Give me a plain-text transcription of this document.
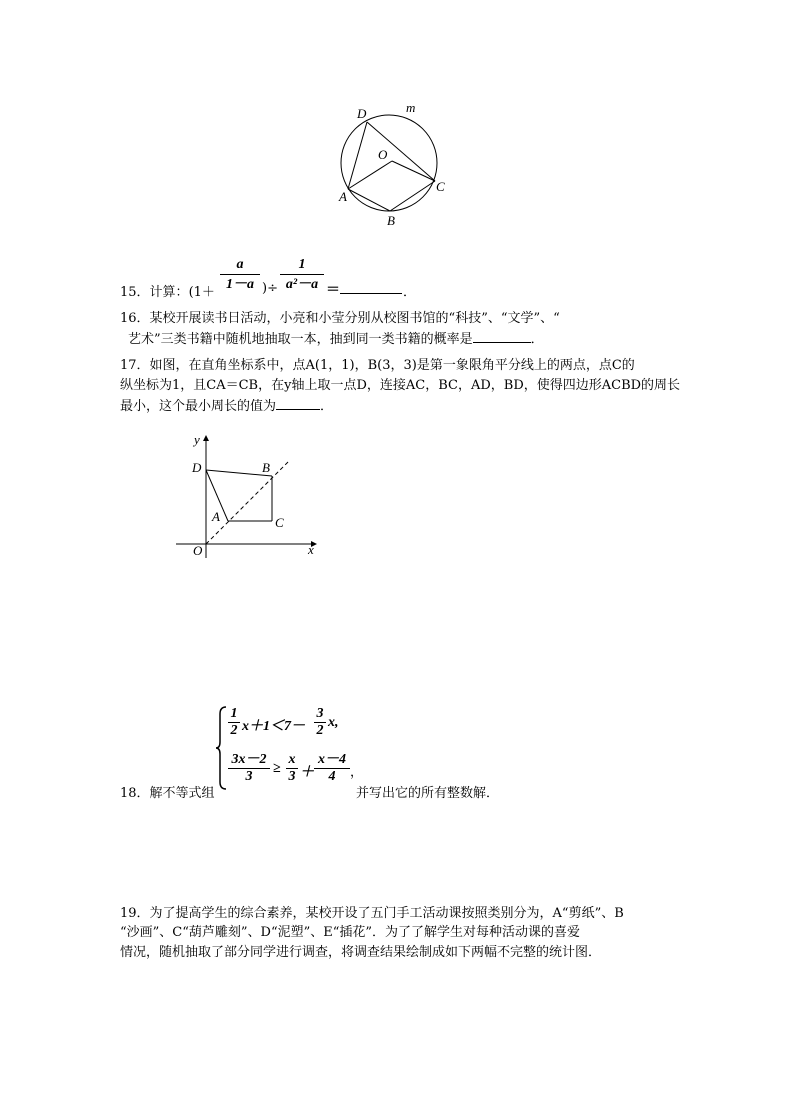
D	m
O
A
B
C
15．计算：(1＋
a
1－a )÷
1
a²－a ＝	．
16．某校开展读书日活动，小亮和小莹分别从校图书馆的“科技”、“文学”、“
艺术”三类书籍中随机地抽取一本，抽到同一类书籍的概率是	．
17．如图，在直角坐标系中，点A(1，1)，B(3，3)是第一象限角平分线上的两点，点C的
纵坐标为1，且CA＝CB，在y轴上取一点D，连接AC，BC，AD，BD，使得四边形ACBD的周长
最小，这个最小周长的值为	．
y
x
D	B
A	C
O
18．解不等式组
1
2 x＋1＜7－
3
2
x,
3x－2
3
≥
x
3 ＋
x－4
4	，
并写出它的所有整数解．
19．为了提高学生的综合素养，某校开设了五门手工活动课按照类别分为，A“剪纸”、B
“沙画”、C“葫芦雕刻”、D“泥塑”、E“插花”．为了了解学生对每种活动课的喜爱
情况，随机抽取了部分同学进行调查，将调查结果绘制成如下两幅不完整的统计图．
